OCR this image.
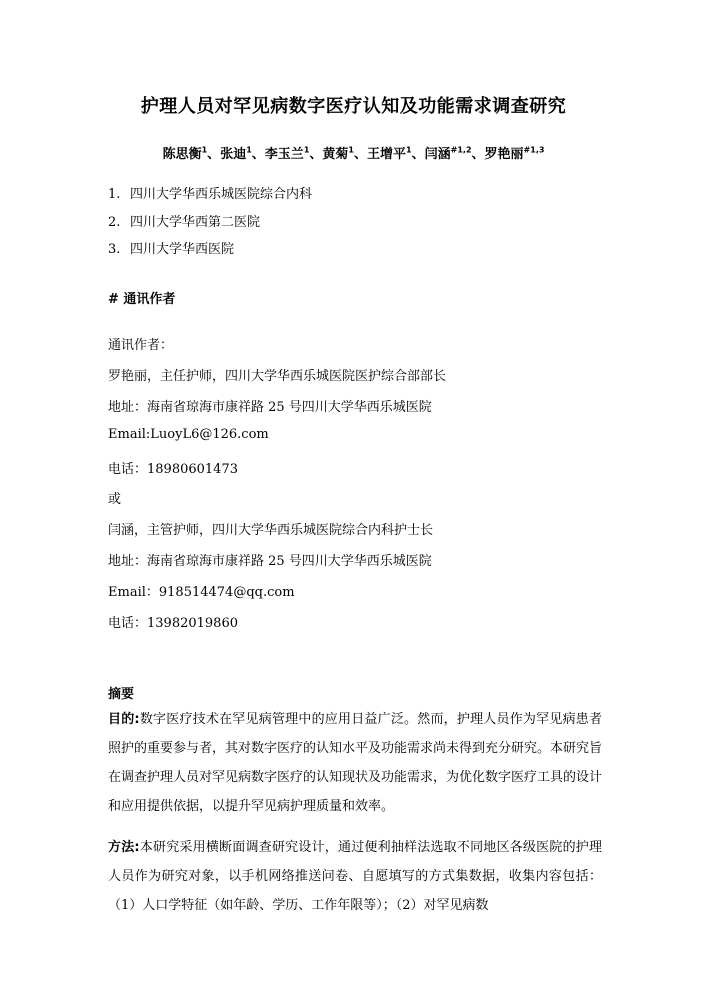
护理人员对罕见病数字医疗认知及功能需求调查研究
陈思衡$^1$、张迪$^1$、李玉兰$^1$、黄菊$^1$、王增平$^1$、闫涵$^{\#1,2}$、罗艳丽$^{\#1,3}$
1. 四川大学华西乐城医院综合内科
2. 四川大学华西第二医院
3. 四川大学华西医院
# 通讯作者
通讯作者：
罗艳丽，主任护师，四川大学华西乐城医院医护综合部部长
地址：海南省琼海市康祥路 25 号四川大学华西乐城医院
Email:LuoyL6@126.com
电话：18980601473
或
闫涵，主管护师，四川大学华西乐城医院综合内科护士长
地址：海南省琼海市康祥路 25 号四川大学华西乐城医院
Email：918514474@qq.com
电话：13982019860
摘要
目的:数字医疗技术在罕见病管理中的应用日益广泛。然而，护理人员作为罕见病患者照护的重要参与者，其对数字医疗的认知水平及功能需求尚未得到充分研究。本研究旨在调查护理人员对罕见病数字医疗的认知现状及功能需求，为优化数字医疗工具的设计和应用提供依据，以提升罕见病护理质量和效率。
方法:本研究采用横断面调查研究设计，通过便利抽样法选取不同地区各级医院的护理人员作为研究对象，以手机网络推送问卷、自愿填写的方式集数据，收集内容包括：（1）人口学特征（如年龄、学历、工作年限等）；（2）对罕见病数
